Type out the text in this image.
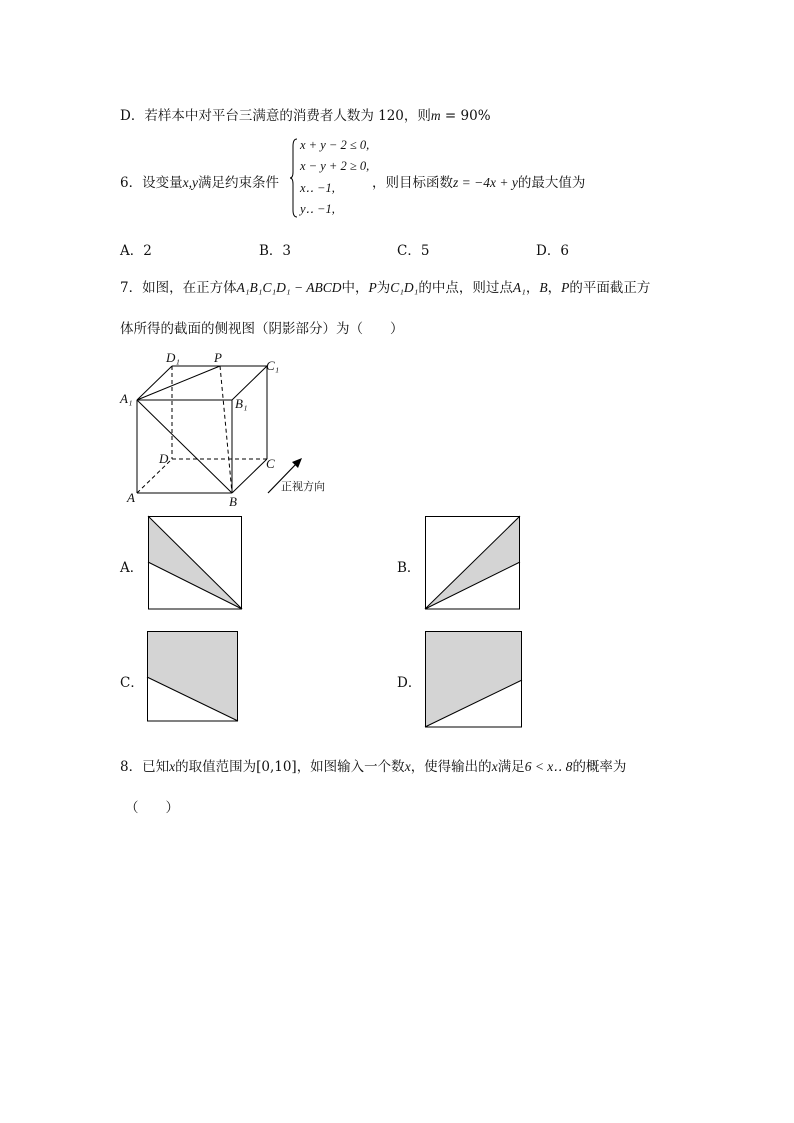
D．若样本中对平台三满意的消费者人数为 120，则m = 90%
6．设变量x,y满足约束条件
x + y − 2 ≤ 0,
x − y + 2 ≥ 0,
x‥ −1,
y‥ −1,
，则目标函数z = −4x + y的最大值为
A．2	B．3	C．5	D．6
7．如图，在正方体A₁B₁C₁D₁ − ABCD中，P为C₁D₁的中点，则过点A₁，B，P的平面截正方
体所得的截面的侧视图（阴影部分）为（　　）
D₁	P
C₁
A₁	B₁
D	C
A	B
正视方向
A．	B．
C．	D．
8．已知x的取值范围为[0,10]，如图输入一个数x，使得输出的x满足6 < x‥ 8的概率为
（　　）
